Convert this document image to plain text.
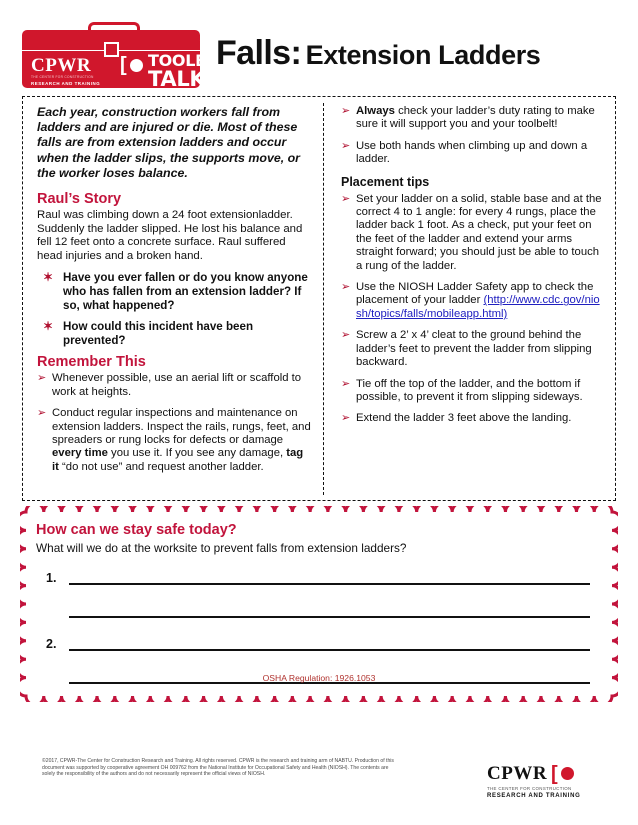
CPWR
THE CENTER FOR CONSTRUCTION
RESEARCH AND TRAINING
[ TOOLBOX
TALK
Falls: Extension Ladders

Each year, construction workers fall from ladders and are injured or die. Most of these falls are from extension ladders and occur when the ladder slips, the supports move, or the worker loses balance.

Raul’s Story

Raul was climbing down a 24 foot extensionladder. Suddenly the ladder slipped. He lost his balance and fell 12 feet onto a concrete surface. Raul suffered head injuries and a broken hand.

✶ Have you ever fallen or do you know anyone who has fallen from an extension ladder? If so, what happened?
✶ How could this incident have been prevented?
Remember This
➢ Whenever possible, use an aerial lift or scaffold to work at heights.
➢ Conduct regular inspections and maintenance on extension ladders. Inspect the rails, rungs, feet, and spreaders or rung locks for defects or damage every time you use it. If you see any damage, tag it “do not use” and request another ladder.
➢ Always check your ladder’s duty rating to make sure it will support you and your toolbelt!
➢ Use both hands when climbing up and down a ladder.
Placement tips
➢ Set your ladder on a solid, stable base and at the correct 4 to 1 angle: for every 4 rungs, place the ladder back 1 foot. As a check, put your feet on the feet of the ladder and extend your arms straight forward; you should just be able to touch a rung of the ladder.
➢ Use the NIOSH Ladder Safety app to check the placement of your ladder (http://www.cdc.gov/niosh/topics/falls/mobileapp.html)
➢ Screw a 2’ x 4’ cleat to the ground behind the ladder’s feet to prevent the ladder from slipping backward.
➢ Tie off the top of the ladder, and the bottom if possible, to prevent it from slipping sideways.
➢ Extend the ladder 3 feet above the landing.
How can we stay safe today?

What will we do at the worksite to prevent falls from extension ladders?

1.
2.
OSHA Regulation: 1926.1053
©2017, CPWR-The Center for Construction Research and Training. All rights reserved. CPWR is the research and training arm of NABTU. Production of this document was supported by cooperative agreement OH 009762 from the National Institute for Occupational Safety and Health (NIOSH). The contents are solely the responsibility of the authors and do not necessarily represent the official views of NIOSH.	CPWR [
THE CENTER FOR CONSTRUCTION
RESEARCH AND TRAINING
